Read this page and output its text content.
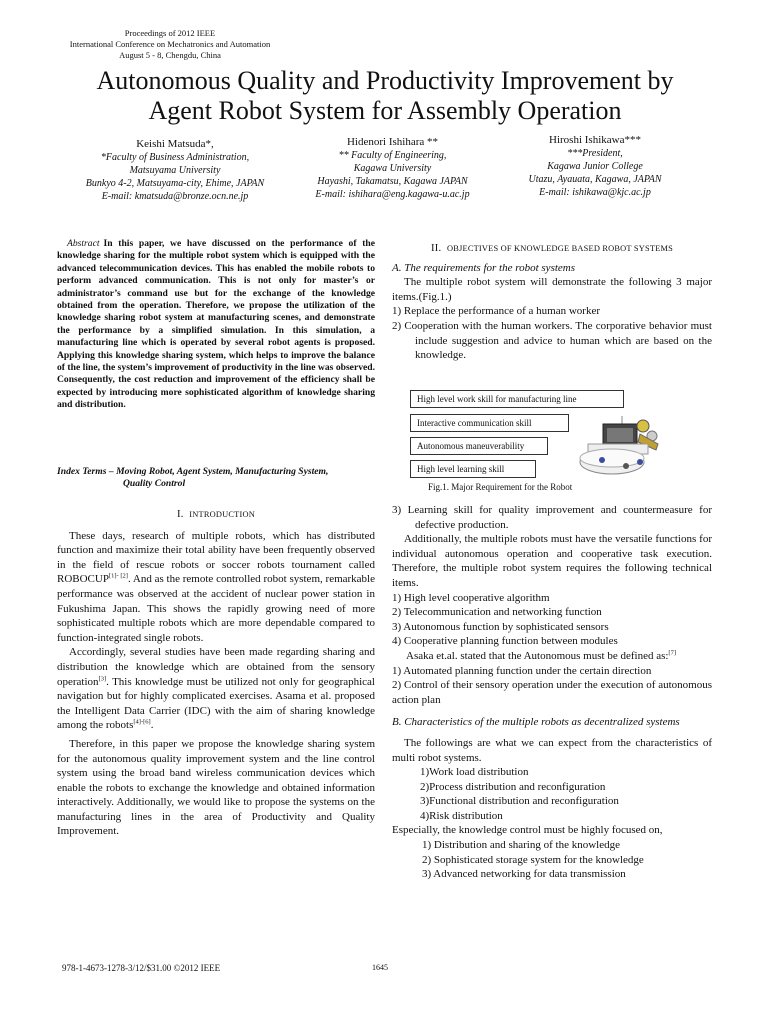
Proceedings of 2012 IEEE
International Conference on Mechatronics and Automation
August 5 - 8, Chengdu, China
Autonomous Quality and Productivity Improvement by
Agent Robot System for Assembly Operation
Keishi Matsuda*,
*Faculty of Business Administration,
Matsuyama University
Bunkyo 4-2, Matsuyama-city, Ehime, JAPAN
E-mail: kmatsuda@bronze.ocn.ne.jp
Hidenori Ishihara **
** Faculty of Engineering,
Kagawa University
Hayashi, Takamatsu, Kagawa JAPAN
E-mail: ishihara@eng.kagawa-u.ac.jp
Hiroshi Ishikawa***
***President,
Kagawa Junior College
Utazu, Ayauata, Kagawa, JAPAN
E-mail: ishikawa@kjc.ac.jp
Abstract In this paper, we have discussed on the performance of the knowledge sharing for the multiple robot system which is equipped with the advanced telecommunication devices. This has enabled the mobile robots to perform advanced communication. This is not only for master’s or administrator’s command use but for the exchange of the knowledge obtained from the operation. Therefore, we propose the utilization of the knowledge sharing robot system at manufacturing scenes, and demonstrate the performance by a simplified simulation. In this simulation, a manufacturing line which is operated by several robot agents is proposed. Applying this knowledge sharing system, which helps to improve the balance of the line, the system’s improvement of productivity in the line was observed. Consequently, the cost reduction and improvement of the efficiency shall be expected by introducing more sophisticated algorithm of knowledge sharing and distribution.
Index Terms – Moving Robot, Agent System, Manufacturing System,
Quality Control
I. INTRODUCTION

These days, research of multiple robots, which has distributed function and maximize their total ability have been frequently observed in the field of rescue robots or soccer robots tournament called ROBOCUP[1]- [2]. And as the remote controlled robot system, remarkable performance was observed at the accident of nuclear power station in Fukushima Japan. This shows the rapidly growing need of more sophisticated multiple robots which are more dependable compared to function-integrated single robots.

Accordingly, several studies have been made regarding sharing and distribution the knowledge which are obtained from the sensory operation[3]. This knowledge must be utilized not only for geographical navigation but for highly complicated exercises. Asama et al. proposed the Intelligent Data Carrier (IDC) with the aim of sharing knowledge among the robots[4]-[6].

Therefore, in this paper we propose the knowledge sharing system for the autonomous quality improvement system and the line control system using the broad band wireless communication devices which enable the robots to exchange the knowledge and obtained information interactively. Additionally, we would like to propose the systems on the manufacturing lines in the area of Productivity and Quality Improvement.

II. OBJECTIVES OF KNOWLEDGE BASED ROBOT SYSTEMS
A. The requirements for the robot systems

The multiple robot system will demonstrate the following 3 major items.(Fig.1.)

1) Replace the performance of a human worker

2) Cooperation with the human workers. The corporative behavior must include suggestion and advice to human which are based on the knowledge.

High level work skill for manufacturing line
Interactive communication skill
Autonomous maneuverability
High level learning skill
Fig.1. Major Requirement for the Robot

3) Learning skill for quality improvement and countermeasure for defective production.

Additionally, the multiple robots must have the versatile functions for individual autonomous operation and cooperative task execution. Therefore, the multiple robot system requires the following technical items.

1) High level cooperative algorithm
2) Telecommunication and networking function
3) Autonomous function by sophisticated sensors
4) Cooperative planning function between modules

Asaka et.al. stated that the Autonomous must be defined as:[7]

1) Automated planning function under the certain direction
2) Control of their sensory operation under the execution of autonomous action plan
B. Characteristics of the multiple robots as decentralized systems

The followings are what we can expect from the characteristics of multi robot systems.

1)Work load distribution
2)Process distribution and reconfiguration
3)Functional distribution and reconfiguration
4)Risk distribution
Especially, the knowledge control must be highly focused on,
1) Distribution and sharing of the knowledge
2) Sophisticated storage system for the knowledge
3) Advanced networking for data transmission
978-1-4673-1278-3/12/$31.00 ©2012 IEEE	1645
